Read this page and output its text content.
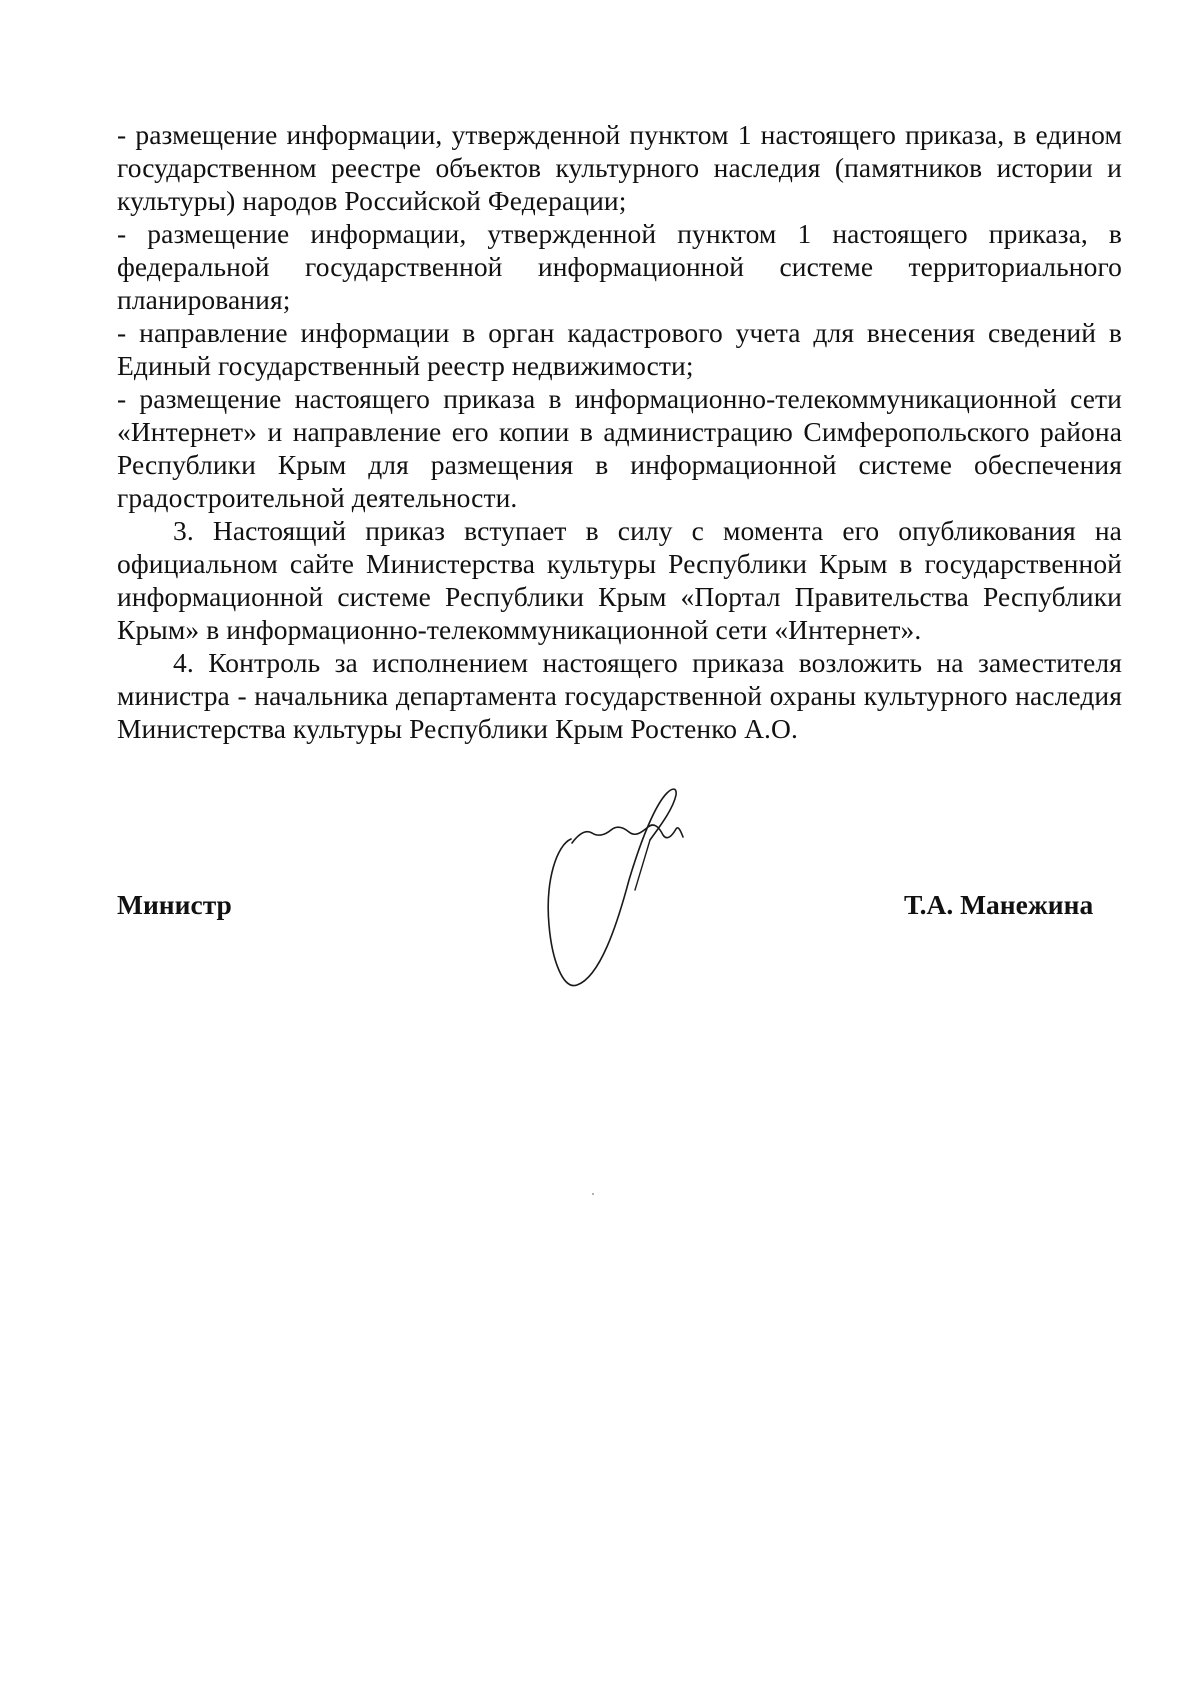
- размещение информации, утвержденной пунктом 1 настоящего приказа, в едином государственном реестре объектов культурного наследия (памятников истории и культуры) народов Российской Федерации;

- размещение информации, утвержденной пунктом 1 настоящего приказа, в федеральной государственной информационной системе территориального планирования;

- направление информации в орган кадастрового учета для внесения сведений в Единый государственный реестр недвижимости;

- размещение настоящего приказа в информационно-телекоммуникационной сети «Интернет» и направление его копии в администрацию Симферопольского района Республики Крым для размещения в информационной системе обеспечения градостроительной деятельности.

3. Настоящий приказ вступает в силу с момента его опубликования на официальном сайте Министерства культуры Республики Крым в государственной информационной системе Республики Крым «Портал Правительства Республики Крым» в информационно-телекоммуникационной сети «Интернет».

4. Контроль за исполнением настоящего приказа возложить на заместителя министра - начальника департамента государственной охраны культурного наследия Министерства культуры Республики Крым Ростенко А.О.

Министр	Т.А. Манежина
